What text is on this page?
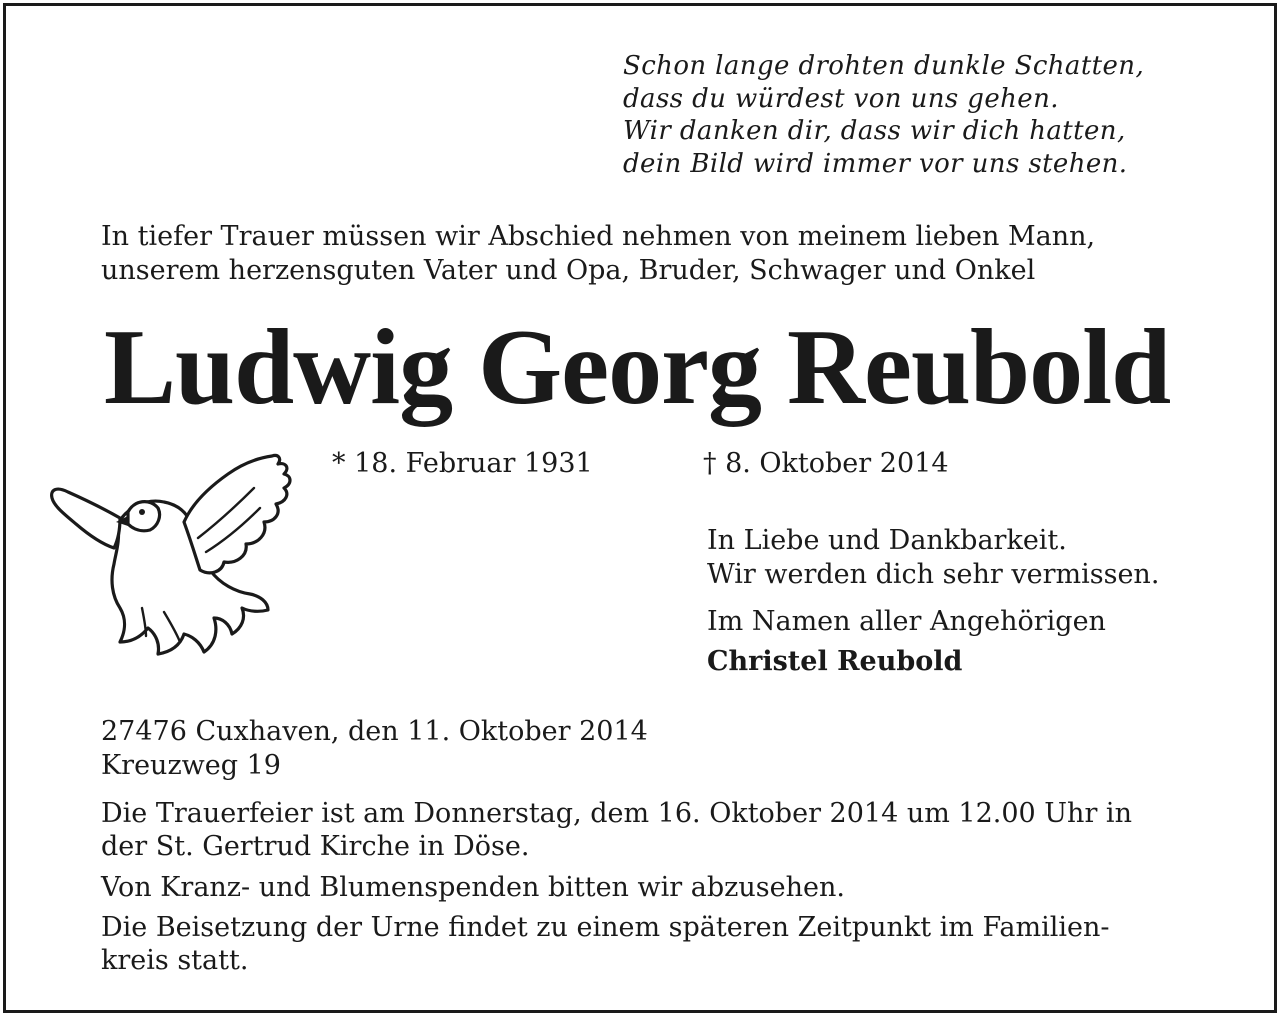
Schon lange drohten dunkle Schatten,
dass du würdest von uns gehen.
Wir danken dir, dass wir dich hatten,
dein Bild wird immer vor uns stehen.
In tiefer Trauer müssen wir Abschied nehmen von meinem lieben Mann,
unserem herzensguten Vater und Opa, Bruder, Schwager und Onkel
Ludwig Georg Reubold
* 18. Februar 1931	† 8. Oktober 2014
In Liebe und Dankbarkeit.
Wir werden dich sehr vermissen.
Im Namen aller Angehörigen
Christel Reubold
27476 Cuxhaven, den 11. Oktober 2014
Kreuzweg 19
Die Trauerfeier ist am Donnerstag, dem 16. Oktober 2014 um 12.00 Uhr in
der St. Gertrud Kirche in Döse.
Von Kranz- und Blumenspenden bitten wir abzusehen.
Die Beisetzung der Urne findet zu einem späteren Zeitpunkt im Familien-
kreis statt.
